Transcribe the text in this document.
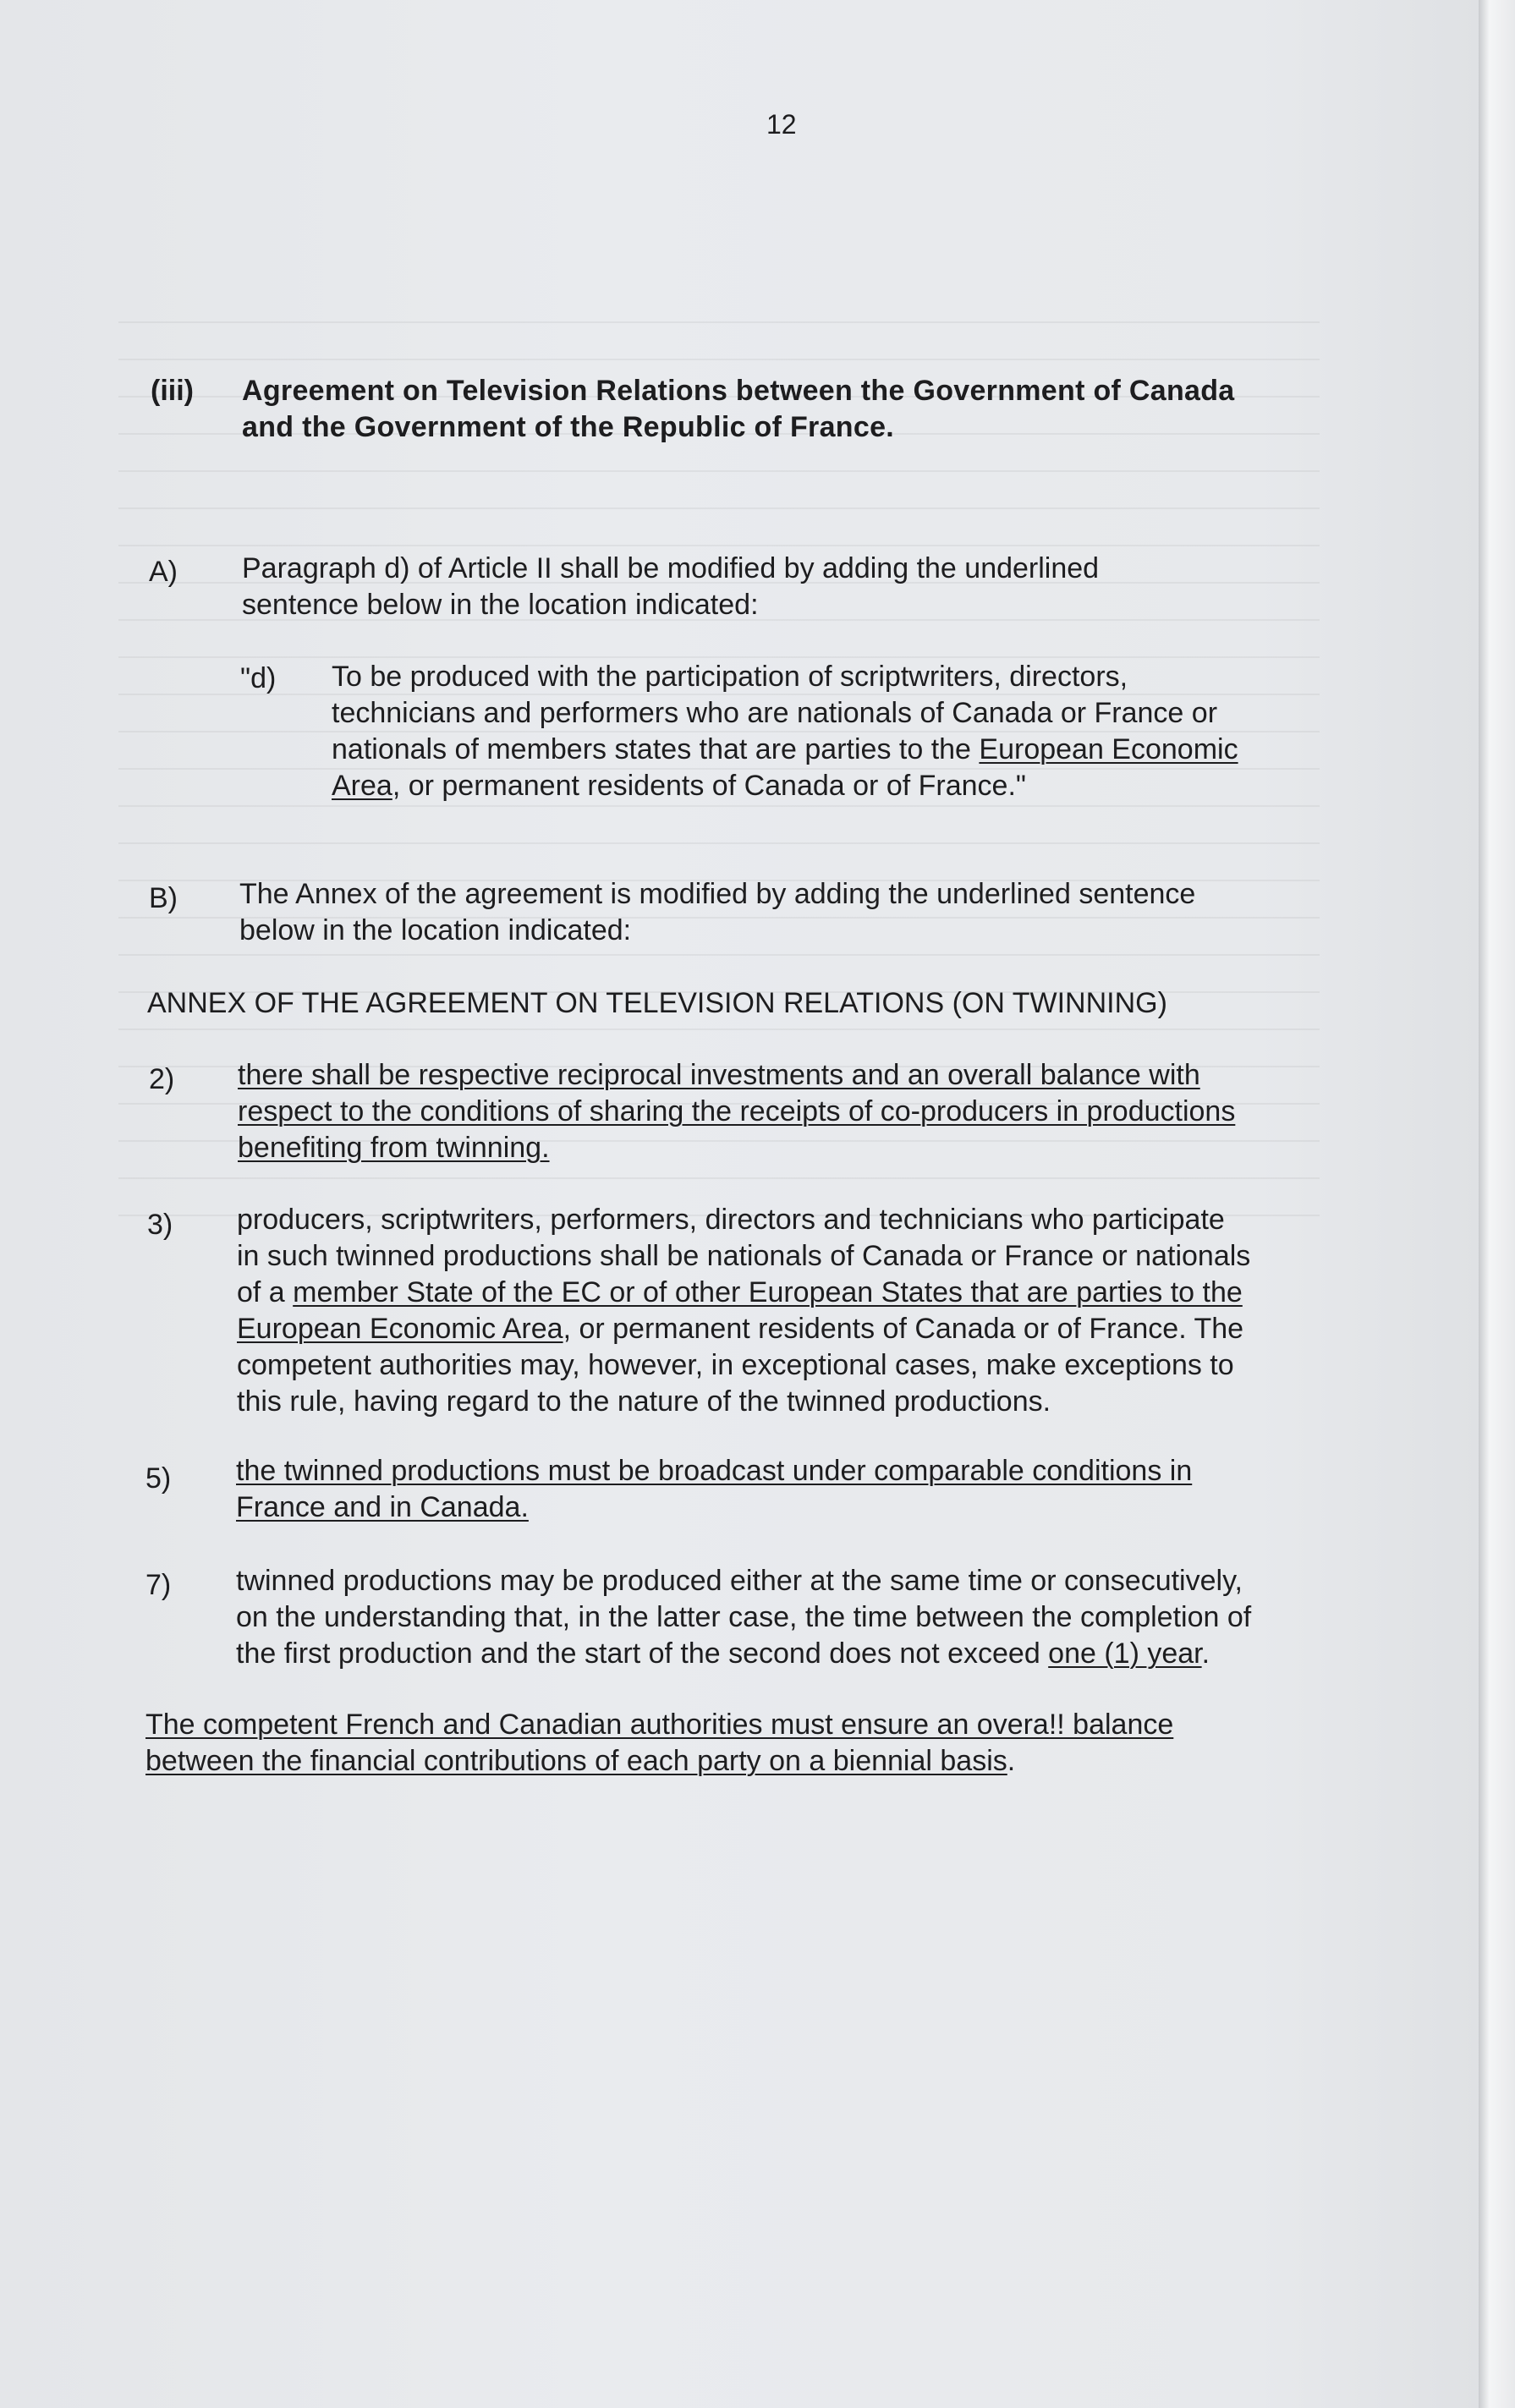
12
(iii) Agreement on Television Relations between the Government of Canada
and the Government of the Republic of France.
A) Paragraph d) of Article II shall be modified by adding the underlined
sentence below in the location indicated:
"d) To be produced with the participation of scriptwriters, directors,
technicians and performers who are nationals of Canada or France or
nationals of members states that are parties to the European Economic
Area, or permanent residents of Canada or of France."
B) The Annex of the agreement is modified by adding the underlined sentence
below in the location indicated:
ANNEX OF THE AGREEMENT ON TELEVISION RELATIONS (ON TWINNING)
2) there shall be respective reciprocal investments and an overall balance with
respect to the conditions of sharing the receipts of co-producers in productions
benefiting from twinning.
3) producers, scriptwriters, performers, directors and technicians who participate
in such twinned productions shall be nationals of Canada or France or nationals
of a member State of the EC or of other European States that are parties to the
European Economic Area, or permanent residents of Canada or of France. The
competent authorities may, however, in exceptional cases, make exceptions to
this rule, having regard to the nature of the twinned productions.
5) the twinned productions must be broadcast under comparable conditions in
France and in Canada.
7) twinned productions may be produced either at the same time or consecutively,
on the understanding that, in the latter case, the time between the completion of
the first production and the start of the second does not exceed one (1) year.
The competent French and Canadian authorities must ensure an overa!! balance
between the financial contributions of each party on a biennial basis.
